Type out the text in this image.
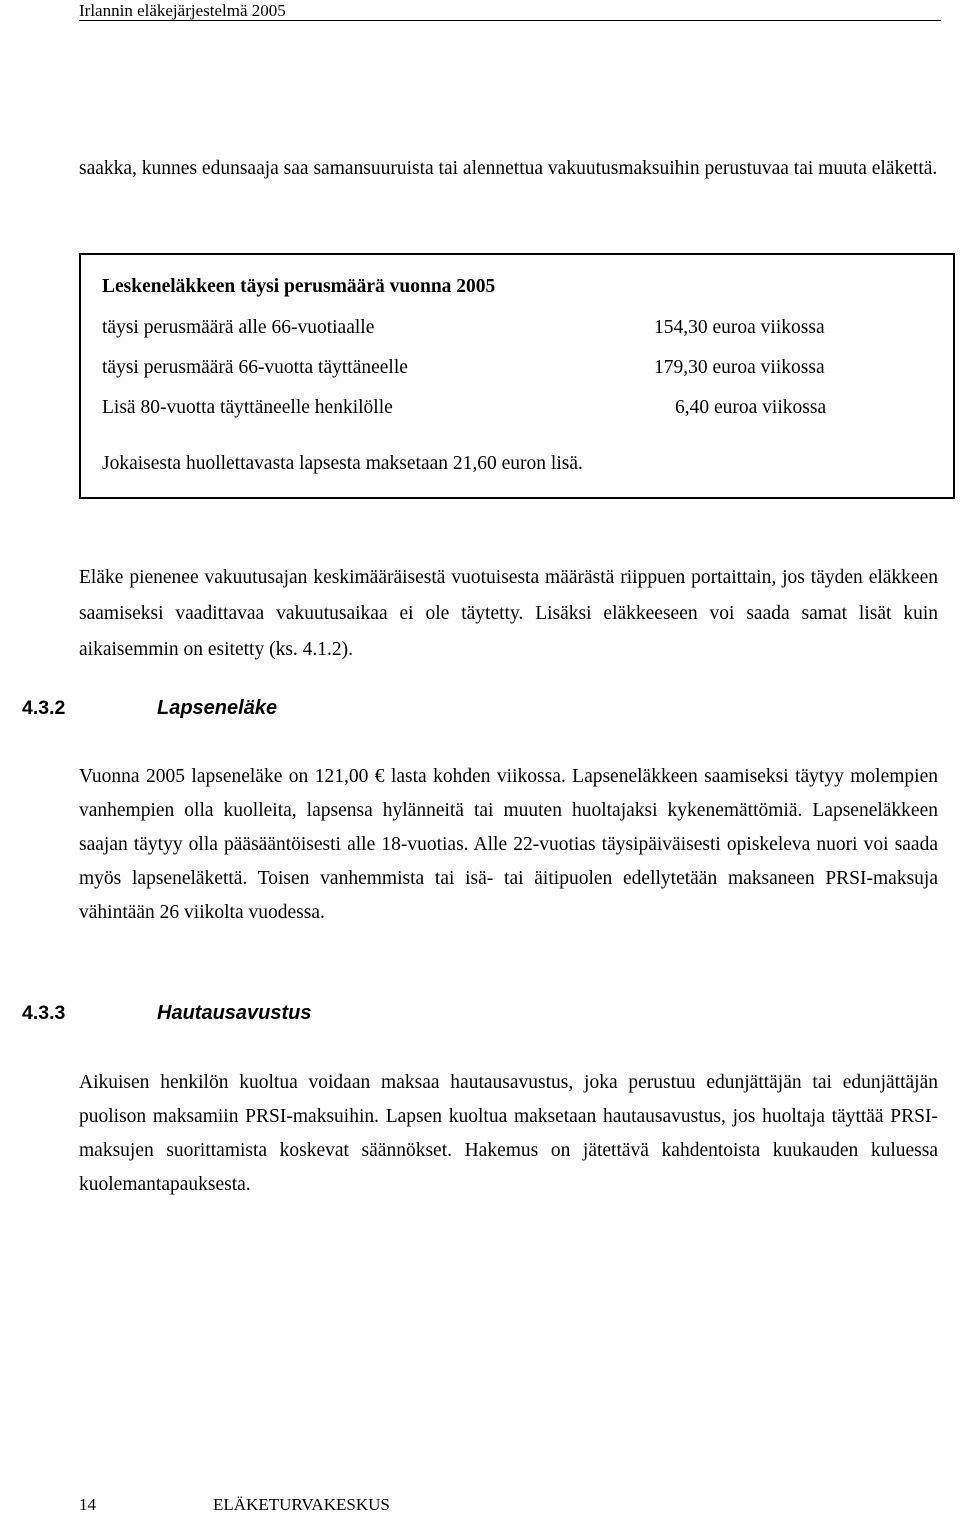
Irlannin eläkejärjestelmä 2005

saakka, kunnes edunsaaja saa samansuuruista tai alennettua vakuutusmaksuihin perustuvaa tai muuta eläkettä.

Leskeneläkkeen täysi perusmäärä vuonna 2005
täysi perusmäärä alle 66-vuotiaalle	154,30 euroa viikossa
täysi perusmäärä 66-vuotta täyttäneelle	179,30 euroa viikossa
Lisä 80-vuotta täyttäneelle henkilölle	6,40 euroa viikossa
Jokaisesta huollettavasta lapsesta maksetaan 21,60 euron lisä.

Eläke pienenee vakuutusajan keskimääräisestä vuotuisesta määrästä riippuen portaittain, jos täyden eläkkeen saamiseksi vaadittavaa vakuutusaikaa ei ole täytetty. Lisäksi eläkkeeseen voi saada samat lisät kuin aikaisemmin on esitetty (ks. 4.1.2).

4.3.2	Lapseneläke

Vuonna 2005 lapseneläke on 121,00 € lasta kohden viikossa. Lapseneläkkeen saamiseksi täytyy molempien vanhempien olla kuolleita, lapsensa hylänneitä tai muuten huoltajaksi kykenemättömiä. Lapseneläkkeen saajan täytyy olla pääsääntöisesti alle 18-vuotias. Alle 22-vuotias täysipäiväisesti opiskeleva nuori voi saada myös lapseneläkettä. Toisen vanhemmista tai isä- tai äitipuolen edellytetään maksaneen PRSI-maksuja vähintään 26 viikolta vuodessa.

4.3.3	Hautausavustus

Aikuisen henkilön kuoltua voidaan maksaa hautausavustus, joka perustuu edunjättäjän tai edunjättäjän puolison maksamiin PRSI-maksuihin. Lapsen kuoltua maksetaan hautausavustus, jos huoltaja täyttää PRSI-maksujen suorittamista koskevat säännökset. Hakemus on jätettävä kahdentoista kuukauden kuluessa kuolemantapauksesta.

14	ELÄKETURVAKESKUS
